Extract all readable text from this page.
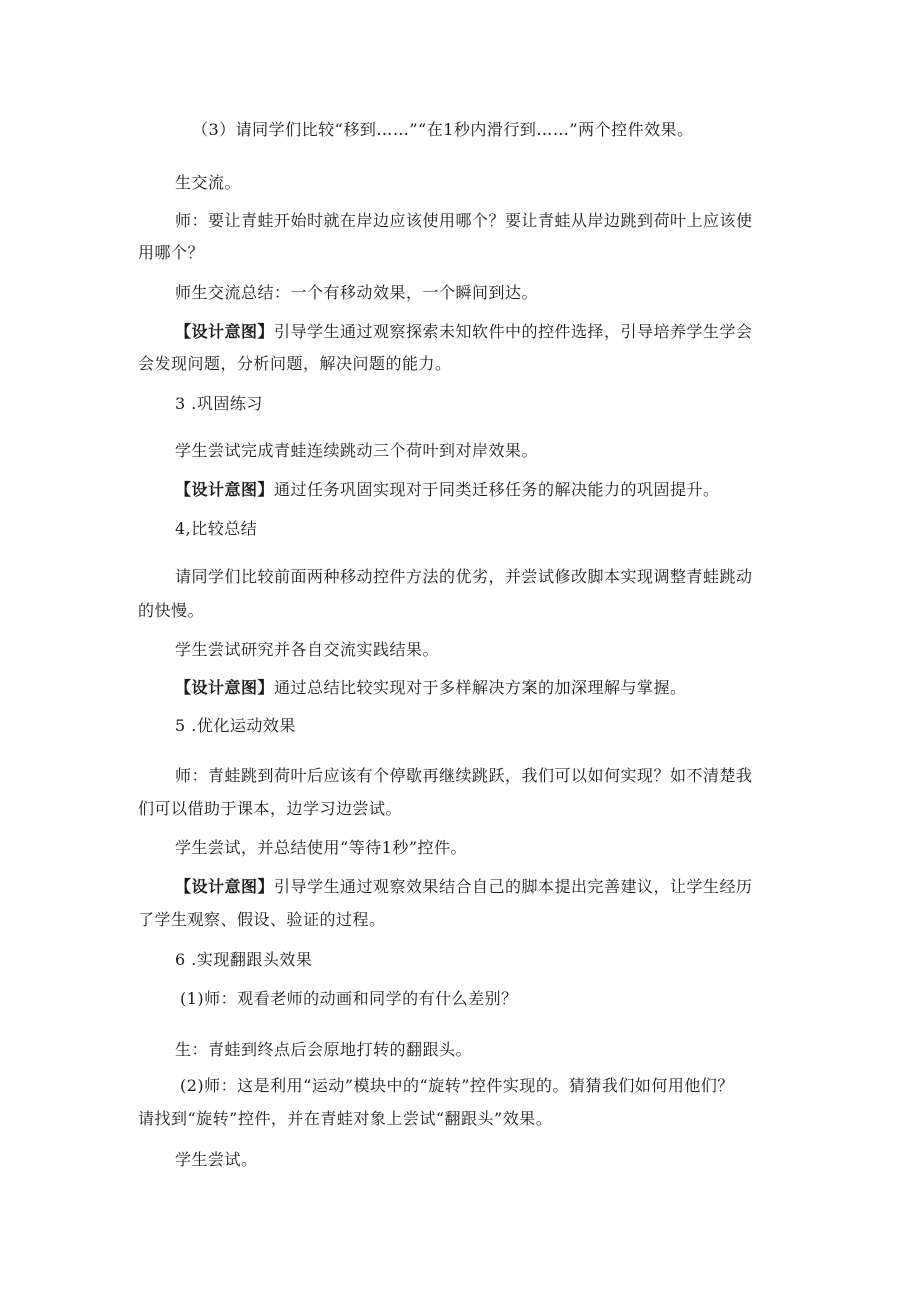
（3）请同学们比较“移到……”“在1秒内滑行到……”两个控件效果。
生交流。
师：要让青蛙开始时就在岸边应该使用哪个？要让青蛙从岸边跳到荷叶上应该使
用哪个？
师生交流总结：一个有移动效果，一个瞬间到达。
【设计意图】引导学生通过观察探索未知软件中的控件选择，引导培养学生学会
会发现问题，分析问题，解决问题的能力。
3 .巩固练习
学生尝试完成青蛙连续跳动三个荷叶到对岸效果。
【设计意图】通过任务巩固实现对于同类迁移任务的解决能力的巩固提升。
4,比较总结
请同学们比较前面两种移动控件方法的优劣，并尝试修改脚本实现调整青蛙跳动
的快慢。
学生尝试研究并各自交流实践结果。
【设计意图】通过总结比较实现对于多样解决方案的加深理解与掌握。
5 .优化运动效果
师：青蛙跳到荷叶后应该有个停歇再继续跳跃，我们可以如何实现？如不清楚我
们可以借助于课本，边学习边尝试。
学生尝试，并总结使用“等待1秒”控件。
【设计意图】引导学生通过观察效果结合自己的脚本提出完善建议，让学生经历
了学生观察、假设、验证的过程。
6 .实现翻跟头效果
(1)师：观看老师的动画和同学的有什么差别？
生：青蛙到终点后会原地打转的翻跟头。
(2)师：这是利用“运动”模块中的“旋转”控件实现的。猜猜我们如何用他们？
请找到“旋转”控件，并在青蛙对象上尝试“翻跟头”效果。
学生尝试。
